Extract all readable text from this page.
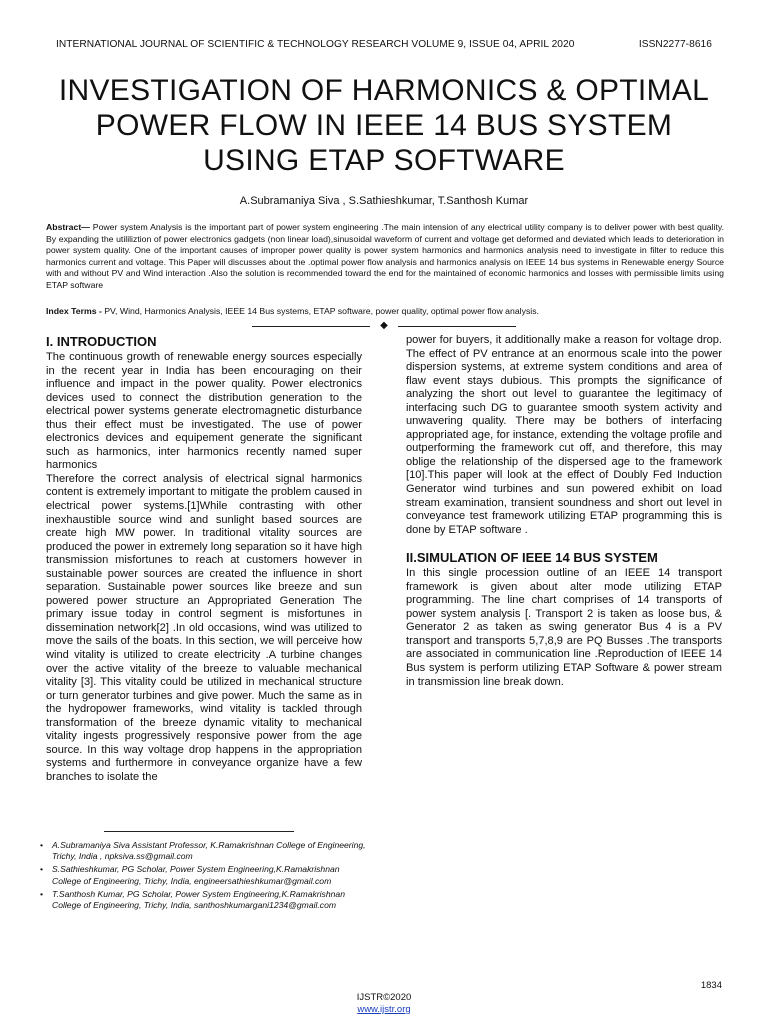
INTERNATIONAL JOURNAL OF SCIENTIFIC & TECHNOLOGY RESEARCH VOLUME 9, ISSUE 04, APRIL 2020	ISSN2277-8616
INVESTIGATION OF HARMONICS & OPTIMAL
POWER FLOW IN IEEE 14 BUS SYSTEM
USING ETAP SOFTWARE
A.Subramaniya Siva , S.Sathieshkumar, T.Santhosh Kumar
Abstract— Power system Analysis is the important part of power system engineering .The main intension of any electrical utility company is to deliver power with best quality. By expanding the utililiztion of power electronics gadgets (non linear load),sinusoidal waveform of current and voltage get deformed and deviated which leads to deterioration in power system quality. One of the important causes of improper power quality is power system harmonics and harmonics analysis need to investigate in filter to reduce this harmonics current and voltage. This Paper will discusses about the .optimal power flow analysis and harmonics analysis on IEEE 14 bus systems in Renewable energy Source with and without PV and Wind interaction .Also the solution is recommended toward the end for the maintained of economic harmonics and losses with permissible limits using ETAP software
Index Terms - PV, Wind, Harmonics Analysis, IEEE 14 Bus systems, ETAP software, power quality, optimal power flow analysis.
◆
I. INTRODUCTION
The continuous growth of renewable energy sources especially in the recent year in India has been encouraging on their influence and impact in the power quality. Power electronics devices used to connect the distribution generation to the electrical power systems generate electromagnetic disturbance thus their effect must be investigated. The use of power electronics devices and equipement generate the significant such as harmonics, inter harmonics recently named super harmonics
Therefore the correct analysis of electrical signal harmonics content is extremely important to mitigate the problem caused in electrical power systems.[1]While contrasting with other inexhaustible source wind and sunlight based sources are create high MW power. In traditional vitality sources are produced the power in extremely long separation so it have high transmission misfortunes to reach at customers however in sustainable power sources are created the influence in short separation. Sustainable power sources like breeze and sun powered power structure an Appropriated Generation The primary issue today in control segment is misfortunes in dissemination network[2] .In old occasions, wind was utilized to move the sails of the boats. In this section, we will perceive how wind vitality is utilized to create electricity .A turbine changes over the active vitality of the breeze to valuable mechanical vitality [3]. This vitality could be utilized in mechanical structure or turn generator turbines and give power. Much the same as in the hydropower frameworks, wind vitality is tackled through transformation of the breeze dynamic vitality to mechanical vitality ingests progressively responsive power from the age source. In this way voltage drop happens in the appropriation systems and furthermore in conveyance organize have a few branches to isolate the
power for buyers, it additionally make a reason for voltage drop. The effect of PV entrance at an enormous scale into the power dispersion systems, at extreme system conditions and area of flaw event stays dubious. This prompts the significance of analyzing the short out level to guarantee the legitimacy of interfacing such DG to guarantee smooth system activity and unwavering quality. There may be bothers of interfacing appropriated age, for instance, extending the voltage profile and outperforming the framework cut off, and therefore, this may oblige the relationship of the dispersed age to the framework [10].This paper will look at the effect of Doubly Fed Induction Generator wind turbines and sun powered exhibit on load stream examination, transient soundness and short out level in conveyance test framework utilizing ETAP programming this is done by ETAP software .
II.SIMULATION OF IEEE 14 BUS SYSTEM
In this single procession outline of an IEEE 14 transport framework is given about alter mode utilizing ETAP programming. The line chart comprises of 14 transports of power system analysis [. Transport 2 is taken as loose bus, & Generator 2 as taken as swing generator Bus 4 is a PV transport and transports 5,7,8,9 are PQ Busses .The transports are associated in communication line .Reproduction of IEEE 14 Bus system is perform utilizing ETAP Software & power stream in transmission line break down.
• A.Subramaniya Siva Assistant Professor, K.Ramakrishnan College of Engineering, Trichy, India , npksiva.ss@gmail.com
• S.Sathieshkumar, PG Scholar, Power System Engineering,K.Ramakrishnan College of Engineering, Trichy, India, engineersathieshkumar@gmail.com
• T.Santhosh Kumar, PG Scholar, Power System Engineering,K.Ramakrishnan College of Engineering, Trichy, India, santhoshkumargani1234@gmail.com
1834
IJSTR©2020
www.ijstr.org
